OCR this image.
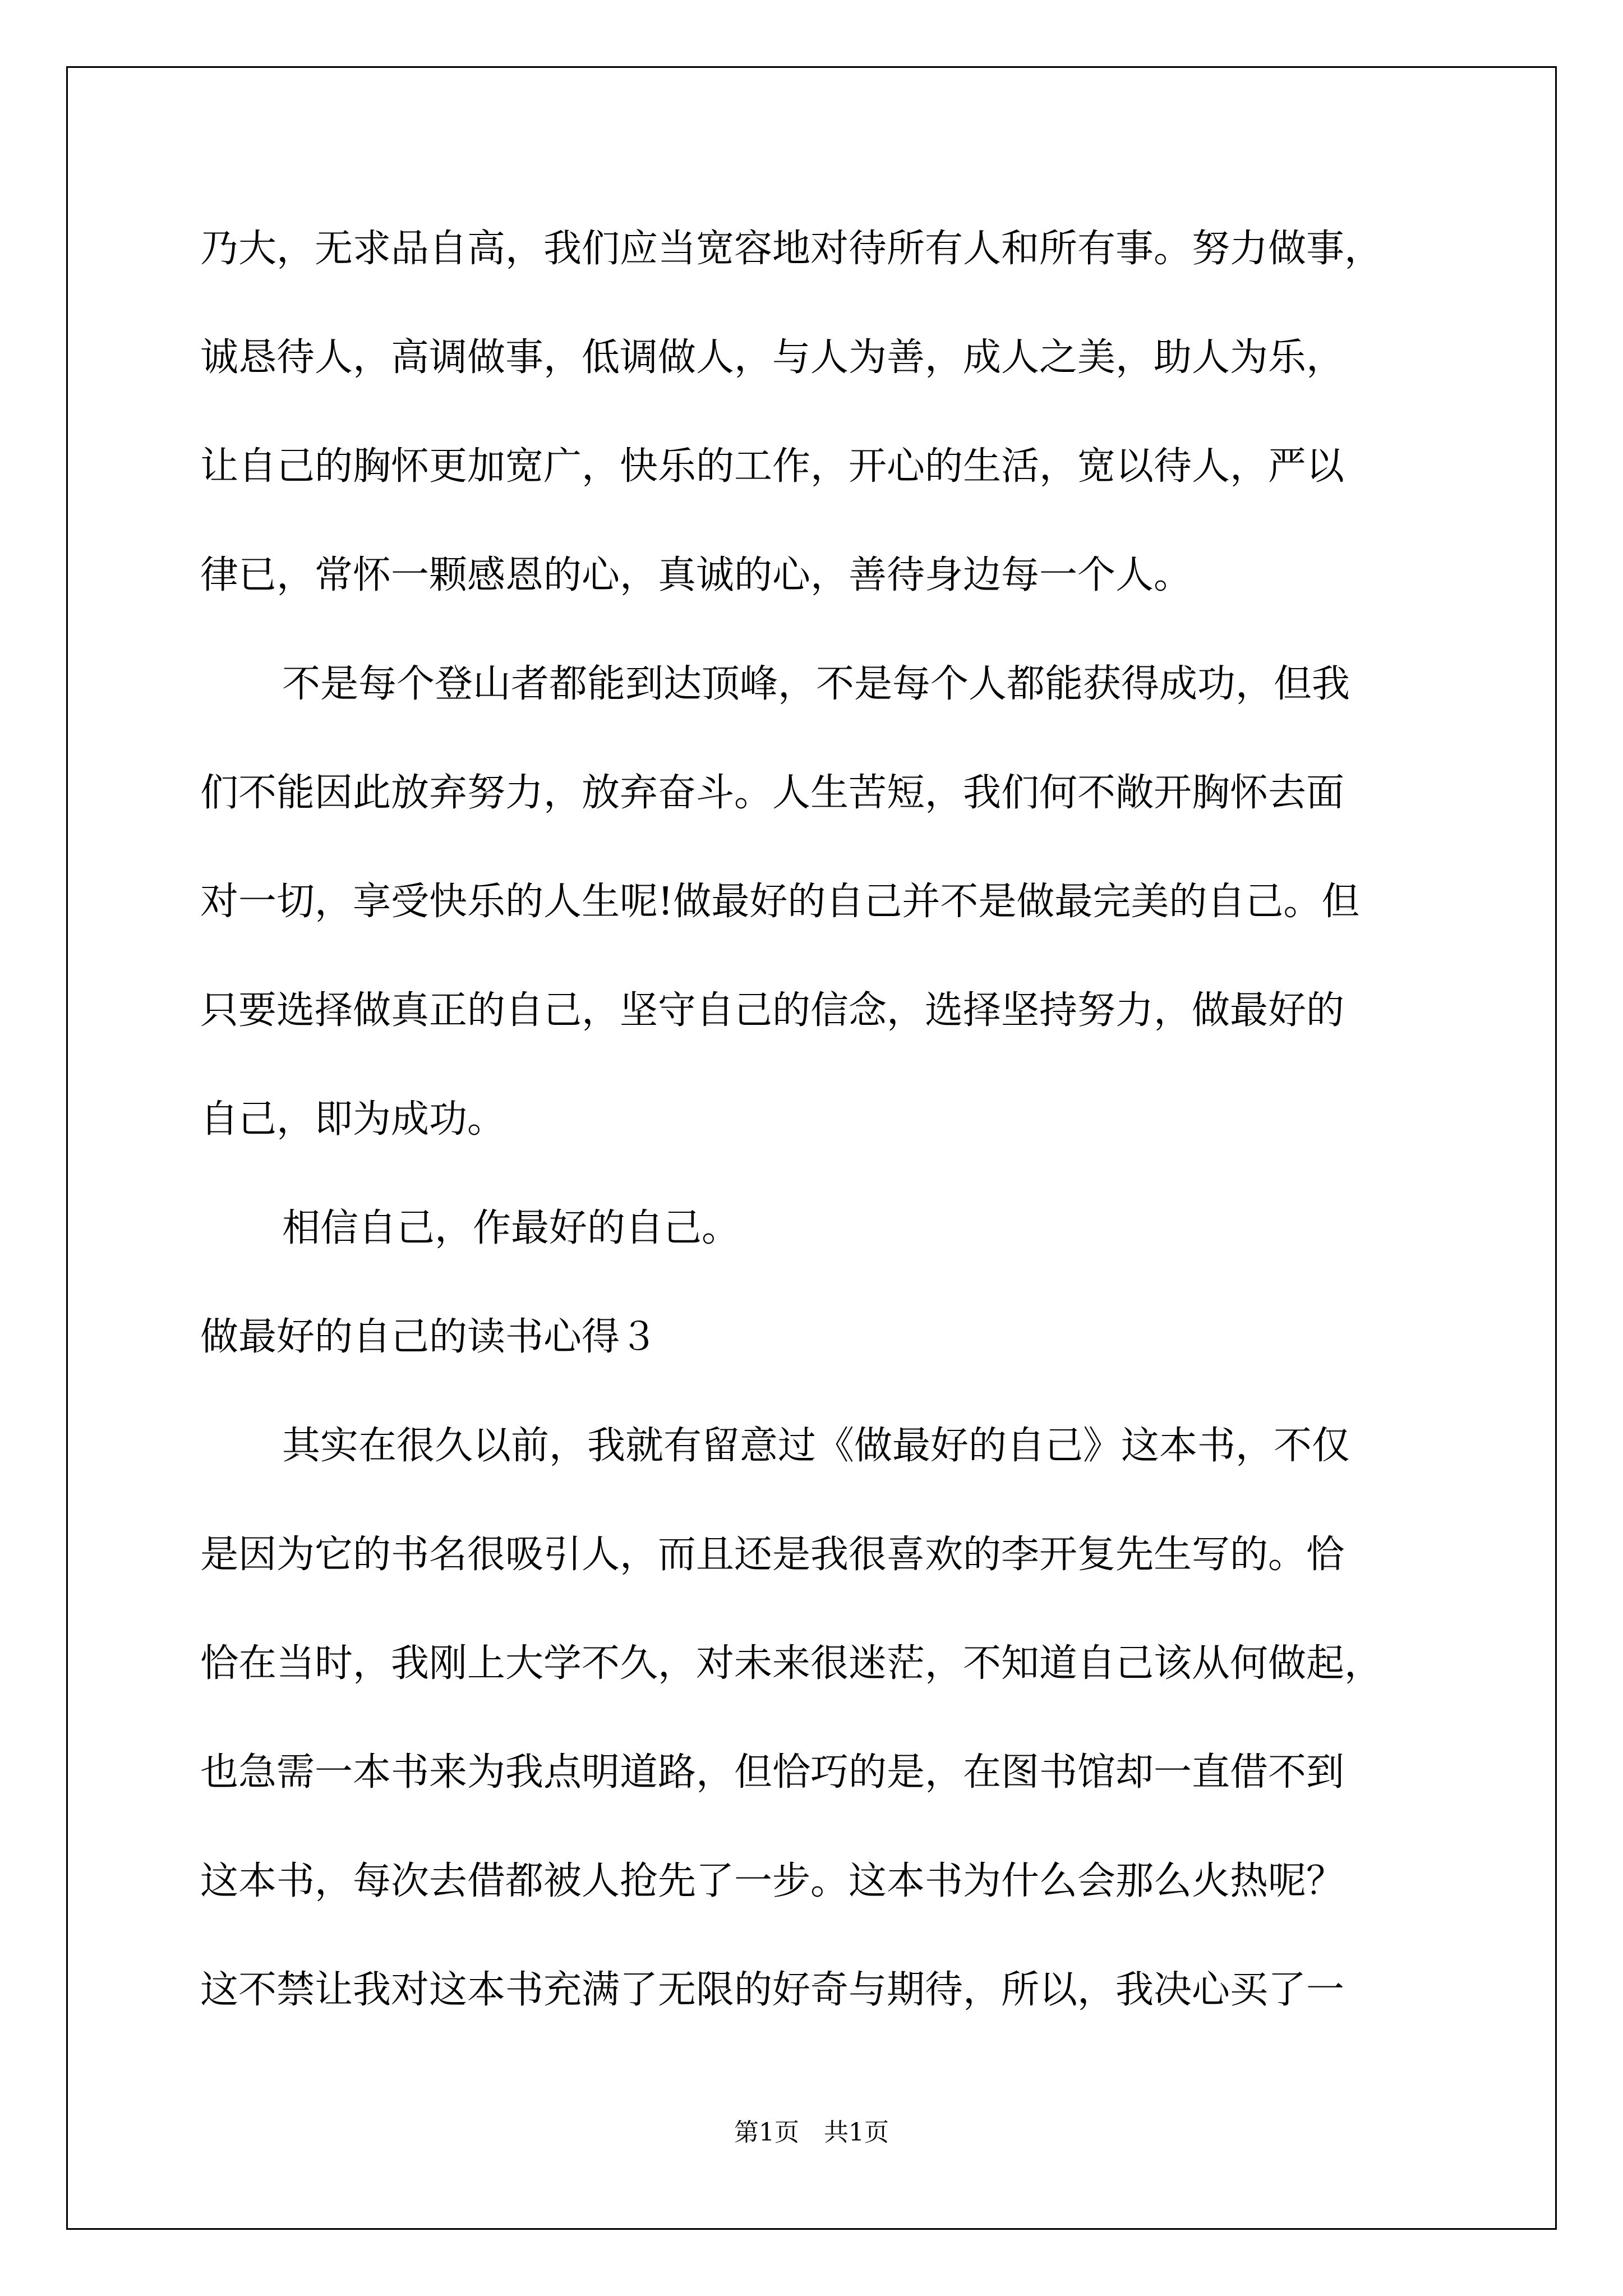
乃大，无求品自高，我们应当宽容地对待所有人和所有事。努力做事，
诚恳待人，高调做事，低调做人，与人为善，成人之美，助人为乐，
让自己的胸怀更加宽广，快乐的工作，开心的生活，宽以待人，严以
律已，常怀一颗感恩的心，真诚的心，善待身边每一个人。
不是每个登山者都能到达顶峰，不是每个人都能获得成功，但我
们不能因此放弃努力，放弃奋斗。人生苦短，我们何不敞开胸怀去面
对一切，享受快乐的人生呢!做最好的自己并不是做最完美的自己。但
只要选择做真正的自己，坚守自己的信念，选择坚持努力，做最好的
自己，即为成功。
相信自己，作最好的自己。
做最好的自己的读书心得３
其实在很久以前，我就有留意过《做最好的自己》这本书，不仅
是因为它的书名很吸引人，而且还是我很喜欢的李开复先生写的。恰
恰在当时，我刚上大学不久，对未来很迷茫，不知道自己该从何做起，
也急需一本书来为我点明道路，但恰巧的是，在图书馆却一直借不到
这本书，每次去借都被人抢先了一步。这本书为什么会那么火热呢？
这不禁让我对这本书充满了无限的好奇与期待，所以，我决心买了一
第1页　共1页
